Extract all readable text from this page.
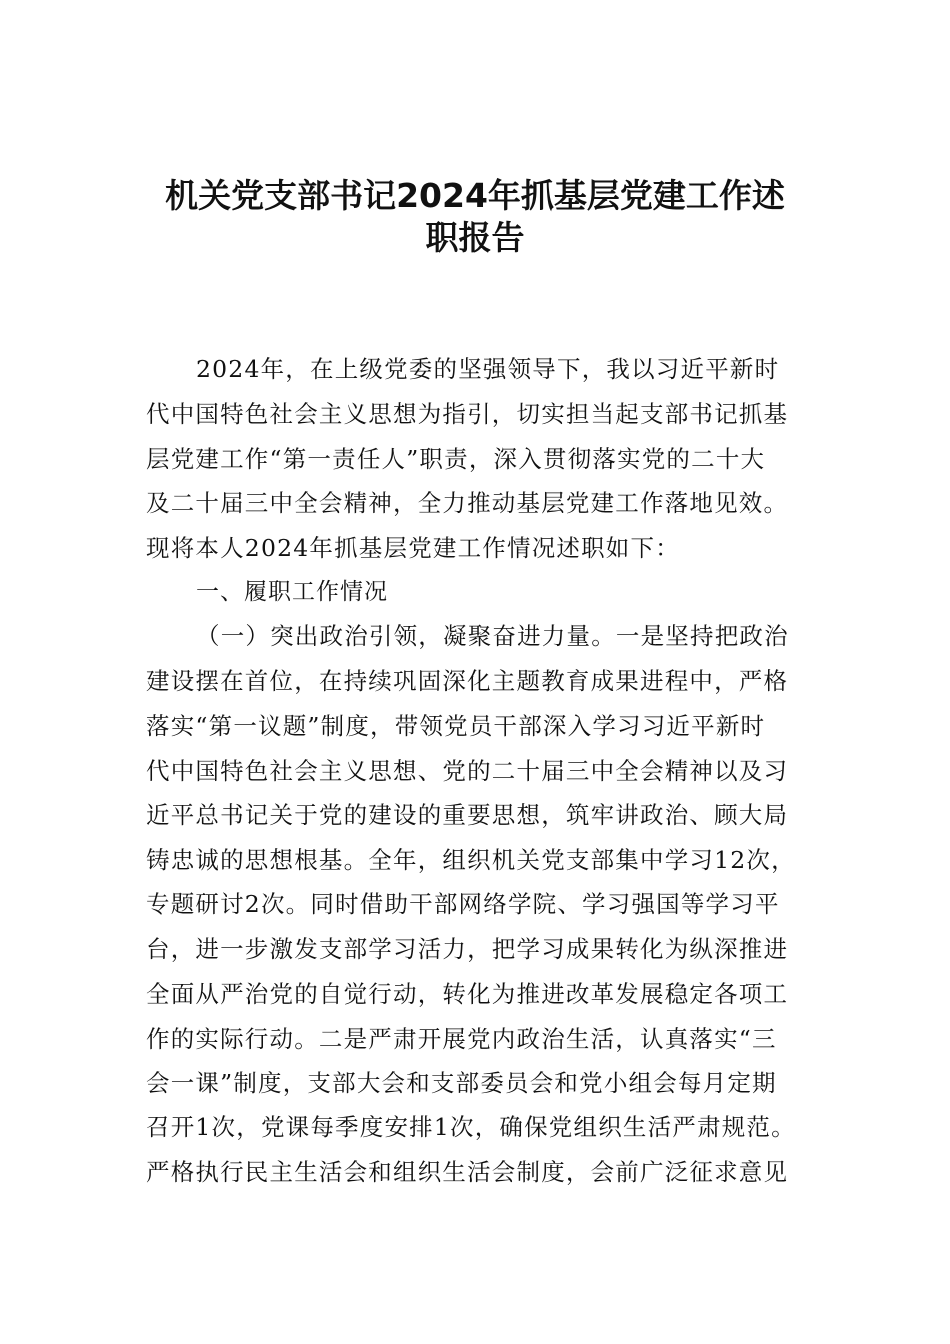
机关党支部书记2024年抓基层党建工作述
职报告
2024年，在上级党委的坚强领导下，我以习近平新时
代中国特色社会主义思想为指引，切实担当起支部书记抓基
层党建工作“第一责任人”职责，深入贯彻落实党的二十大
及二十届三中全会精神，全力推动基层党建工作落地见效。
现将本人2024年抓基层党建工作情况述职如下：
一、履职工作情况
（一）突出政治引领，凝聚奋进力量。一是坚持把政治
建设摆在首位，在持续巩固深化主题教育成果进程中，严格
落实“第一议题”制度，带领党员干部深入学习习近平新时
代中国特色社会主义思想、党的二十届三中全会精神以及习
近平总书记关于党的建设的重要思想，筑牢讲政治、顾大局
铸忠诚的思想根基。全年，组织机关党支部集中学习12次，
专题研讨2次。同时借助干部网络学院、学习强国等学习平
台，进一步激发支部学习活力，把学习成果转化为纵深推进
全面从严治党的自觉行动，转化为推进改革发展稳定各项工
作的实际行动。二是严肃开展党内政治生活，认真落实“三
会一课”制度，支部大会和支部委员会和党小组会每月定期
召开1次，党课每季度安排1次，确保党组织生活严肃规范。
严格执行民主生活会和组织生活会制度，会前广泛征求意见
